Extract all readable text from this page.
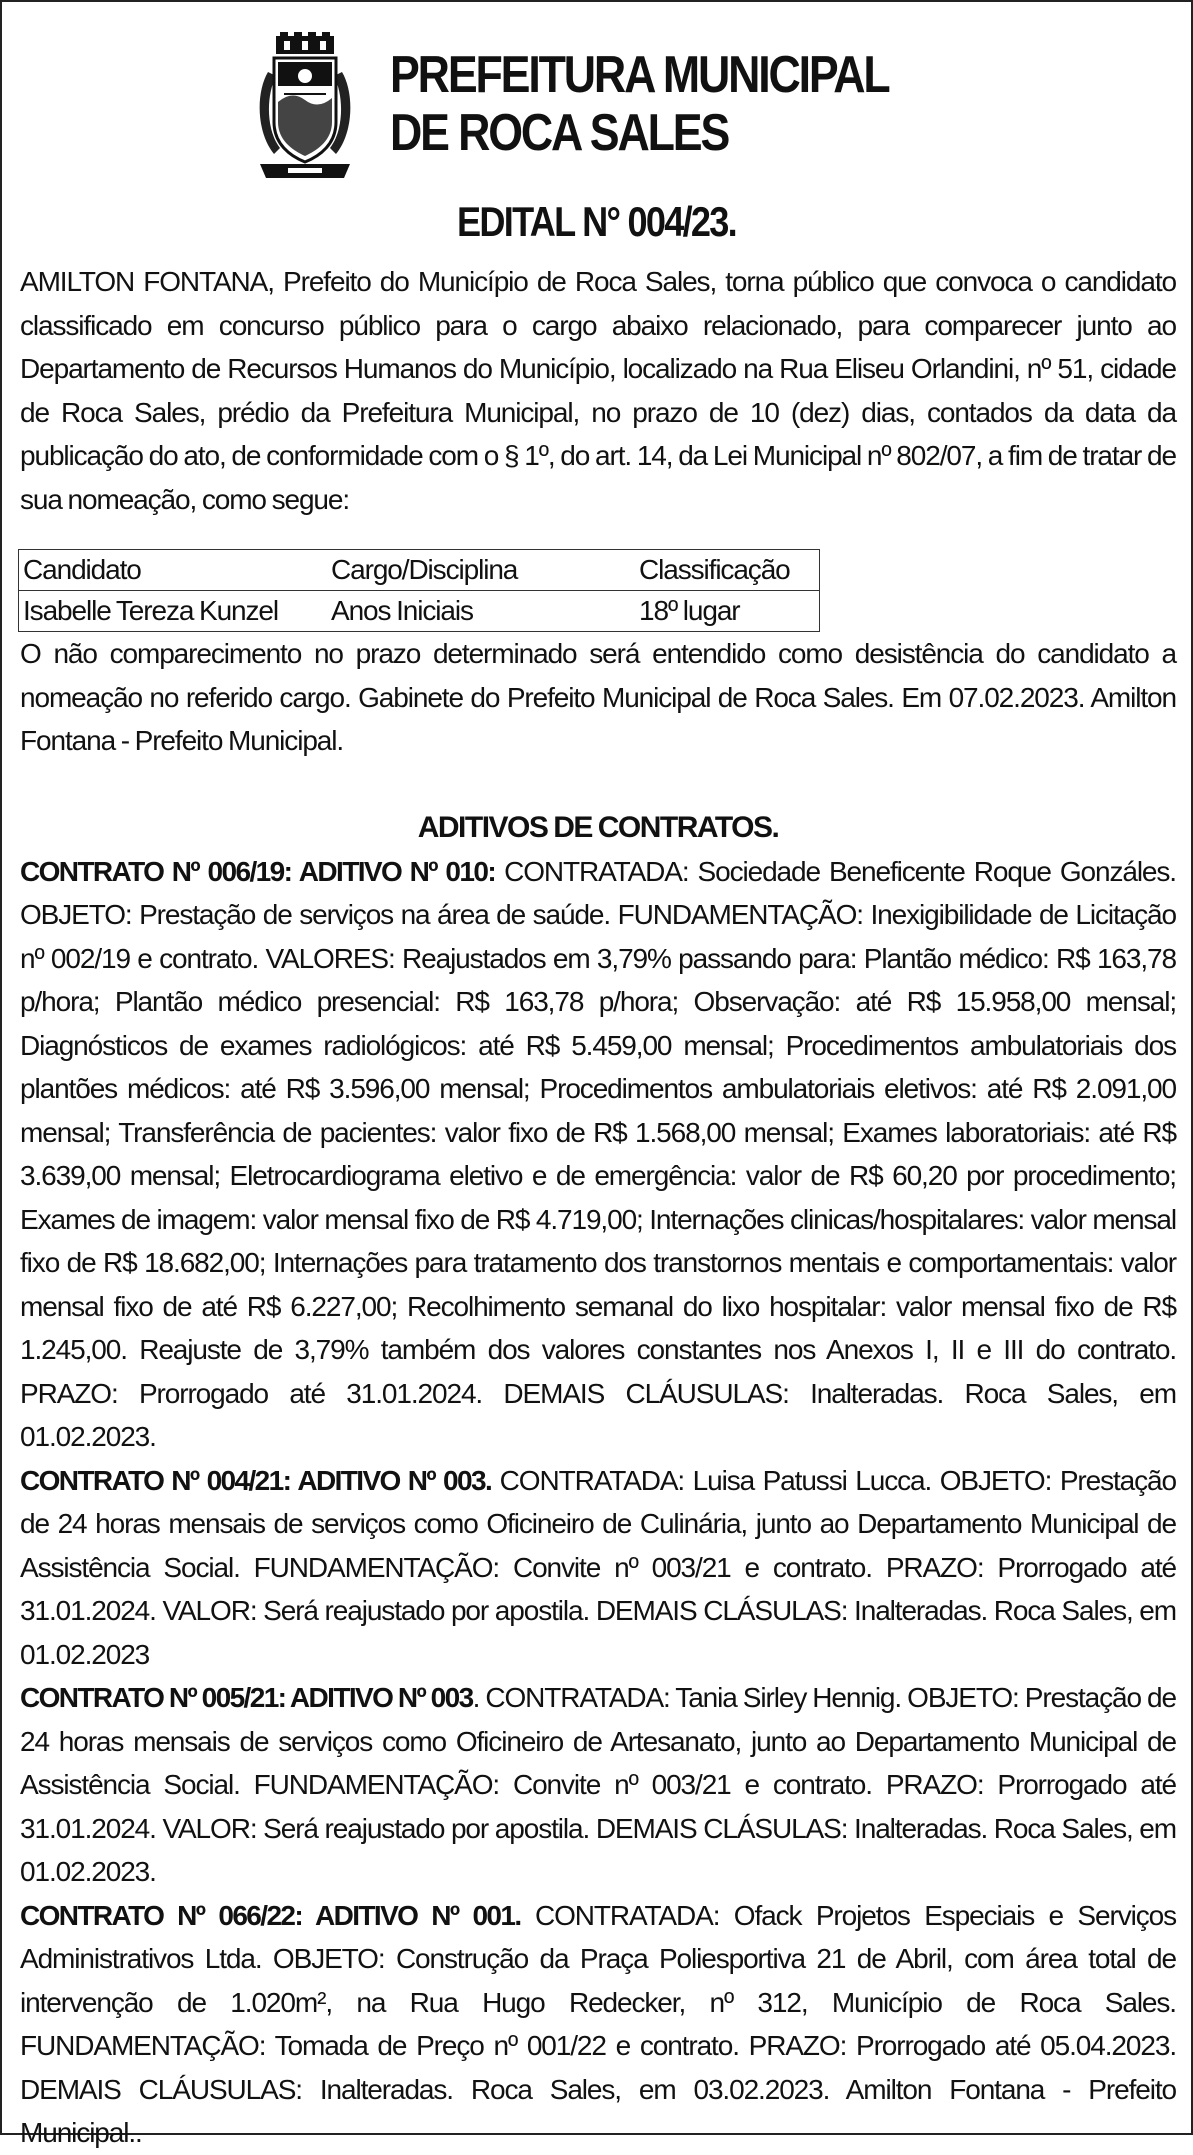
PREFEITURA MUNICIPAL
DE ROCA SALES
EDITAL N° 004/23.

AMILTON FONTANA, Prefeito do Município de Roca Sales, torna público que convoca o candidato classificado em concurso público para o cargo abaixo relacionado, para comparecer junto ao Departamento de Recursos Humanos do Município, localizado na Rua Eliseu Orlandini, nº 51, cidade de Roca Sales, prédio da Prefeitura Municipal, no prazo de 10 (dez) dias, contados da data da publicação do ato, de conformidade com o § 1º, do art. 14, da Lei Municipal nº 802/07, a fim de tratar de sua nomeação, como segue:

Candidato	Cargo/Disciplina	Classificação
Isabelle Tereza Kunzel	Anos Iniciais	18º lugar

O não comparecimento no prazo determinado será entendido como desistência do candidato a nomeação no referido cargo. Gabinete do Prefeito Municipal de Roca Sales. Em 07.02.2023. Amilton Fontana - Prefeito Municipal.

ADITIVOS DE CONTRATOS.

CONTRATO Nº 006/19: ADITIVO Nº 010: CONTRATADA: Sociedade Beneficente Roque Gonzáles. OBJETO: Prestação de serviços na área de saúde. FUNDAMENTAÇÃO: Inexigibilidade de Licitação nº 002/19 e contrato. VALORES: Reajustados em 3,79% passando para: Plantão médico: R$ 163,78 p/hora; Plantão médico presencial: R$ 163,78 p/hora; Observação: até R$ 15.958,00 mensal; Diagnósticos de exames radiológicos: até R$ 5.459,00 mensal; Procedimentos ambulatoriais dos plantões médicos: até R$ 3.596,00 mensal; Procedimentos ambulatoriais eletivos: até R$ 2.091,00 mensal; Transferência de pacientes: valor fixo de R$ 1.568,00 mensal; Exames laboratoriais: até R$ 3.639,00 mensal; Eletrocardiograma eletivo e de emergência: valor de R$ 60,20 por procedimento; Exames de imagem: valor mensal fixo de R$ 4.719,00; Internações clinicas/hospitalares: valor mensal fixo de R$ 18.682,00; Internações para tratamento dos transtornos mentais e comportamentais: valor mensal fixo de até R$ 6.227,00; Recolhimento semanal do lixo hospitalar: valor mensal fixo de R$ 1.245,00. Reajuste de 3,79% também dos valores constantes nos Anexos I, II e III do contrato. PRAZO: Prorrogado até 31.01.2024. DEMAIS CLÁUSULAS: Inalteradas. Roca Sales, em 01.02.2023.

CONTRATO Nº 004/21: ADITIVO Nº 003. CONTRATADA: Luisa Patussi Lucca. OBJETO: Prestação de 24 horas mensais de serviços como Oficineiro de Culinária, junto ao Departamento Municipal de Assistência Social. FUNDAMENTAÇÃO: Convite nº 003/21 e contrato. PRAZO: Prorrogado até 31.01.2024. VALOR: Será reajustado por apostila. DEMAIS CLÁSULAS: Inalteradas. Roca Sales, em 01.02.2023

CONTRATO Nº 005/21: ADITIVO Nº 003. CONTRATADA: Tania Sirley Hennig. OBJETO: Prestação de 24 horas mensais de serviços como Oficineiro de Artesanato, junto ao Departamento Municipal de Assistência Social. FUNDAMENTAÇÃO: Convite nº 003/21 e contrato. PRAZO: Prorrogado até 31.01.2024. VALOR: Será reajustado por apostila. DEMAIS CLÁSULAS: Inalteradas. Roca Sales, em 01.02.2023.

CONTRATO Nº 066/22: ADITIVO Nº 001. CONTRATADA: Ofack Projetos Especiais e Serviços Administrativos Ltda. OBJETO: Construção da Praça Poliesportiva 21 de Abril, com área total de intervenção de 1.020m², na Rua Hugo Redecker, nº 312, Município de Roca Sales. FUNDAMENTAÇÃO: Tomada de Preço nº 001/22 e contrato. PRAZO: Prorrogado até 05.04.2023. DEMAIS CLÁUSULAS: Inalteradas. Roca Sales, em 03.02.2023. Amilton Fontana - Prefeito Municipal..
